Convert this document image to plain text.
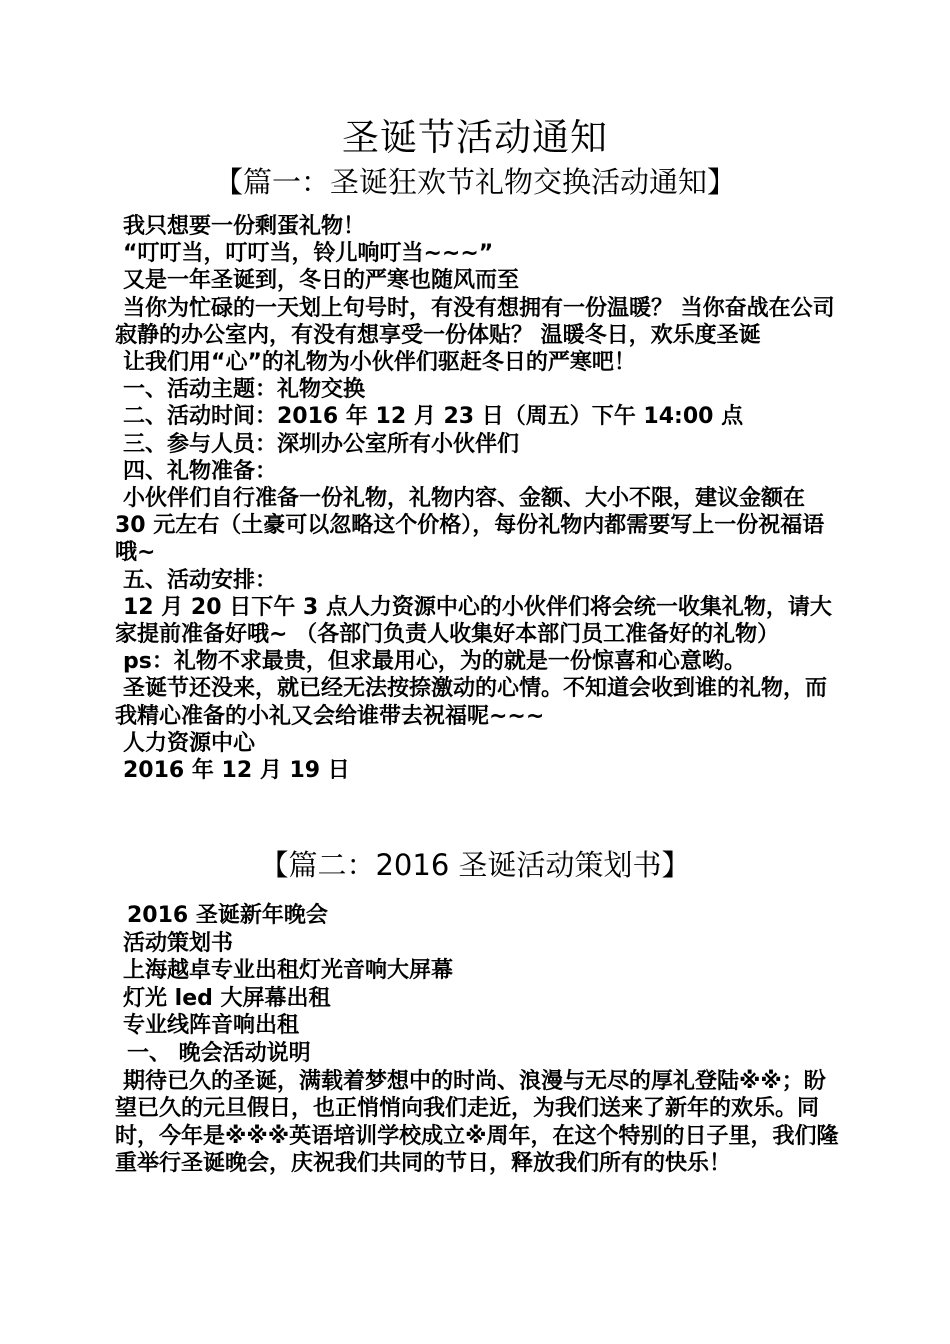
圣诞节活动通知
【篇一：圣诞狂欢节礼物交换活动通知】

我只想要一份剩蛋礼物！

“叮叮当，叮叮当，铃儿响叮当~~~”

又是一年圣诞到，冬日的严寒也随风而至

当你为忙碌的一天划上句号时，有没有想拥有一份温暖？ 当你奋战在公司寂静的办公室内，有没有想享受一份体贴？ 温暖冬日，欢乐度圣诞

让我们用“心”的礼物为小伙伴们驱赶冬日的严寒吧！

一、活动主题：礼物交换

二、活动时间：2016 年 12 月 23 日（周五）下午 14:00 点

三、参与人员：深圳办公室所有小伙伴们

四、礼物准备：

小伙伴们自行准备一份礼物，礼物内容、金额、大小不限，建议金额在 30 元左右（土豪可以忽略这个价格），每份礼物内都需要写上一份祝福语哦~

五、活动安排：

12 月 20 日下午 3 点人力资源中心的小伙伴们将会统一收集礼物，请大家提前准备好哦~ （各部门负责人收集好本部门员工准备好的礼物）

ps：礼物不求最贵，但求最用心，为的就是一份惊喜和心意哟。

圣诞节还没来，就已经无法按捺激动的心情。不知道会收到谁的礼物，而我精心准备的小礼又会给谁带去祝福呢~~~

人力资源中心

2016 年 12 月 19 日

【篇二：2016 圣诞活动策划书】

2016 圣诞新年晚会

活动策划书

上海越卓专业出租灯光音响大屏幕

灯光 led 大屏幕出租

专业线阵音响出租

一、 晚会活动说明

期待已久的圣诞，满载着梦想中的时尚、浪漫与无尽的厚礼登陆※※；盼望已久的元旦假日，也正悄悄向我们走近，为我们送来了新年的欢乐。同时，今年是※※※英语培训学校成立※周年，在这个特别的日子里，我们隆重举行圣诞晚会，庆祝我们共同的节日，释放我们所有的快乐！
